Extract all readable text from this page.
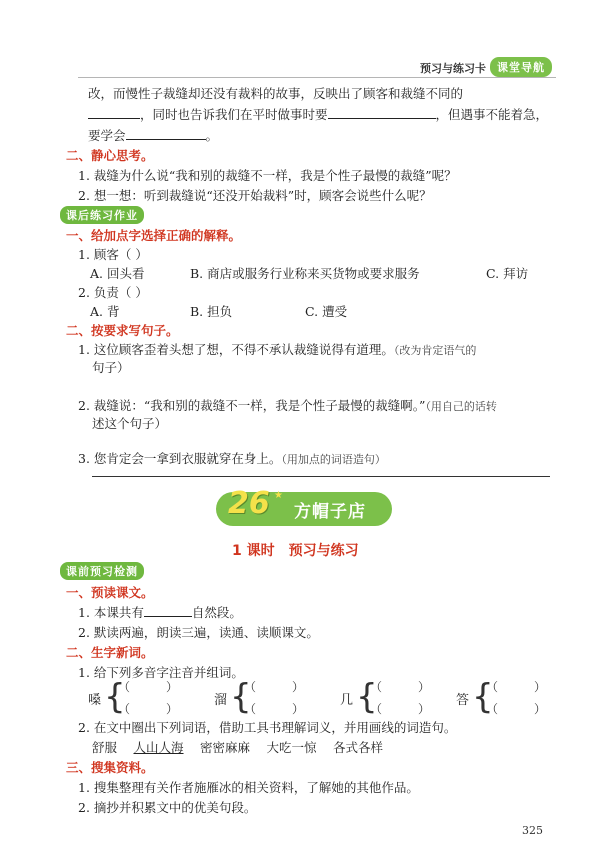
预习与练习卡	课堂导航
改，而慢性子裁缝却还没有裁料的故事，反映出了顾客和裁缝不同的
，同时也告诉我们在平时做事时要	，但遇事不能着急，
要学会	。
二、静心思考。
1. 裁缝为什么说“我和别的裁缝不一样，我是个性子最慢的裁缝”呢？
2. 想一想：听到裁缝说“还没开始裁料”时，顾客会说些什么呢？
课后练习作业
一、给加点字选择正确的解释。
1. 顾客（ ）
A. 回头看	B. 商店或服务行业称来买货物或要求服务	C. 拜访
2. 负责（ ）
A. 背	B. 担负	C. 遭受
二、按要求写句子。
1. 这位顾客歪着头想了想，不得不承认裁缝说得有道理。（改为肯定语气的
句子）
2. 裁缝说：“我和别的裁缝不一样，我是个性子最慢的裁缝啊。”（用自己的话转
述这个句子）
3. 您肯定会一拿到衣服就穿在身上。（用加点的词语造句）
26 ★
方帽子店
1 课时　预习与练习
课前预习检测
一、预读课文。
1. 本课共有	自然段。
2. 默读两遍，朗读三遍，读通、读顺课文。
二、生字新词。
1. 给下列多音字注音并组词。
嗓 {
（　　　）
（　　　）
溜 {
（　　　）
（　　　）
几 {
（　　　）
（　　　）
答 {
（　　　）
（　　　）
2. 在文中圈出下列词语，借助工具书理解词义，并用画线的词造句。
舒服　 人山人海　 密密麻麻　 大吃一惊　 各式各样
三、搜集资料。
1. 搜集整理有关作者施雁冰的相关资料，了解她的其他作品。
2. 摘抄并积累文中的优美句段。
325
